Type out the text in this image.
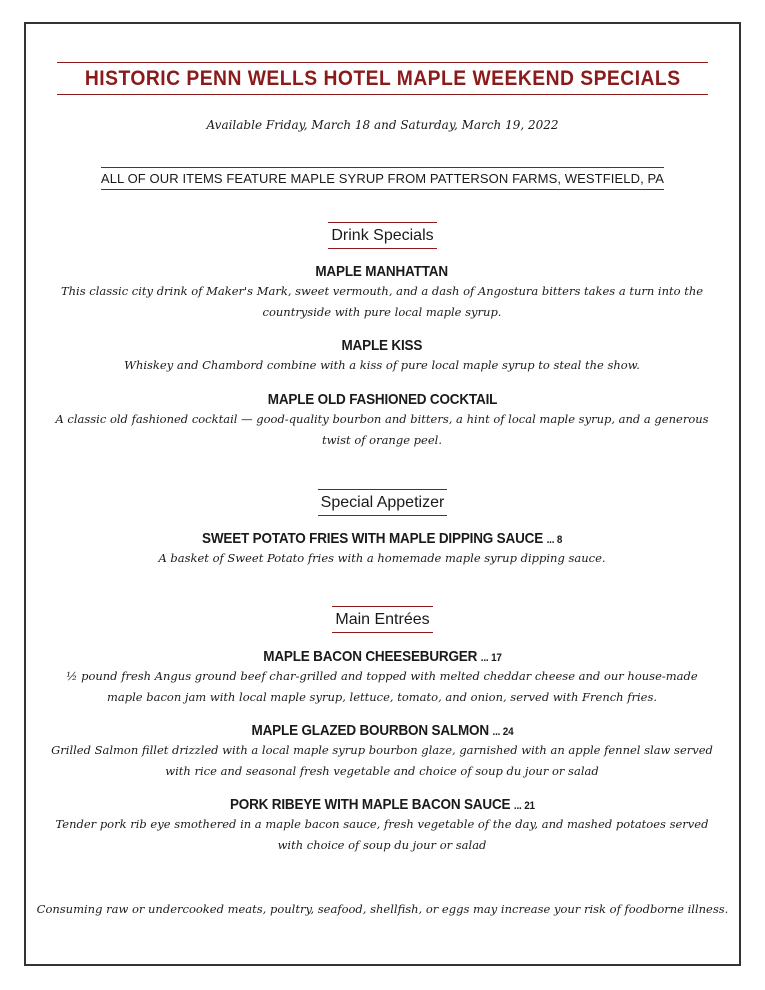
HISTORIC PENN WELLS HOTEL MAPLE WEEKEND SPECIALS
Available Friday, March 18 and Saturday, March 19, 2022
ALL OF OUR ITEMS FEATURE MAPLE SYRUP FROM PATTERSON FARMS, WESTFIELD, PA
Drink Specials
MAPLE MANHATTAN
This classic city drink of Maker's Mark, sweet vermouth, and a dash of Angostura bitters takes a turn into the countryside with pure local maple syrup.
MAPLE KISS
Whiskey and Chambord combine with a kiss of pure local maple syrup to steal the show.
MAPLE OLD FASHIONED COCKTAIL
A classic old fashioned cocktail — good-quality bourbon and bitters, a hint of local maple syrup, and a generous twist of orange peel.
Special Appetizer
SWEET POTATO FRIES WITH MAPLE DIPPING SAUCE ... 8
A basket of Sweet Potato fries with a homemade maple syrup dipping sauce.
Main Entrées
MAPLE BACON CHEESEBURGER ... 17
½ pound fresh Angus ground beef char-grilled and topped with melted cheddar cheese and our house-made maple bacon jam with local maple syrup, lettuce, tomato, and onion, served with French fries.
MAPLE GLAZED BOURBON SALMON ... 24
Grilled Salmon fillet drizzled with a local maple syrup bourbon glaze, garnished with an apple fennel slaw served with rice and seasonal fresh vegetable and choice of soup du jour or salad
PORK RIBEYE WITH MAPLE BACON SAUCE ... 21
Tender pork rib eye smothered in a maple bacon sauce, fresh vegetable of the day, and mashed potatoes served with choice of soup du jour or salad
Consuming raw or undercooked meats, poultry, seafood, shellfish, or eggs may increase your risk of foodborne illness.
